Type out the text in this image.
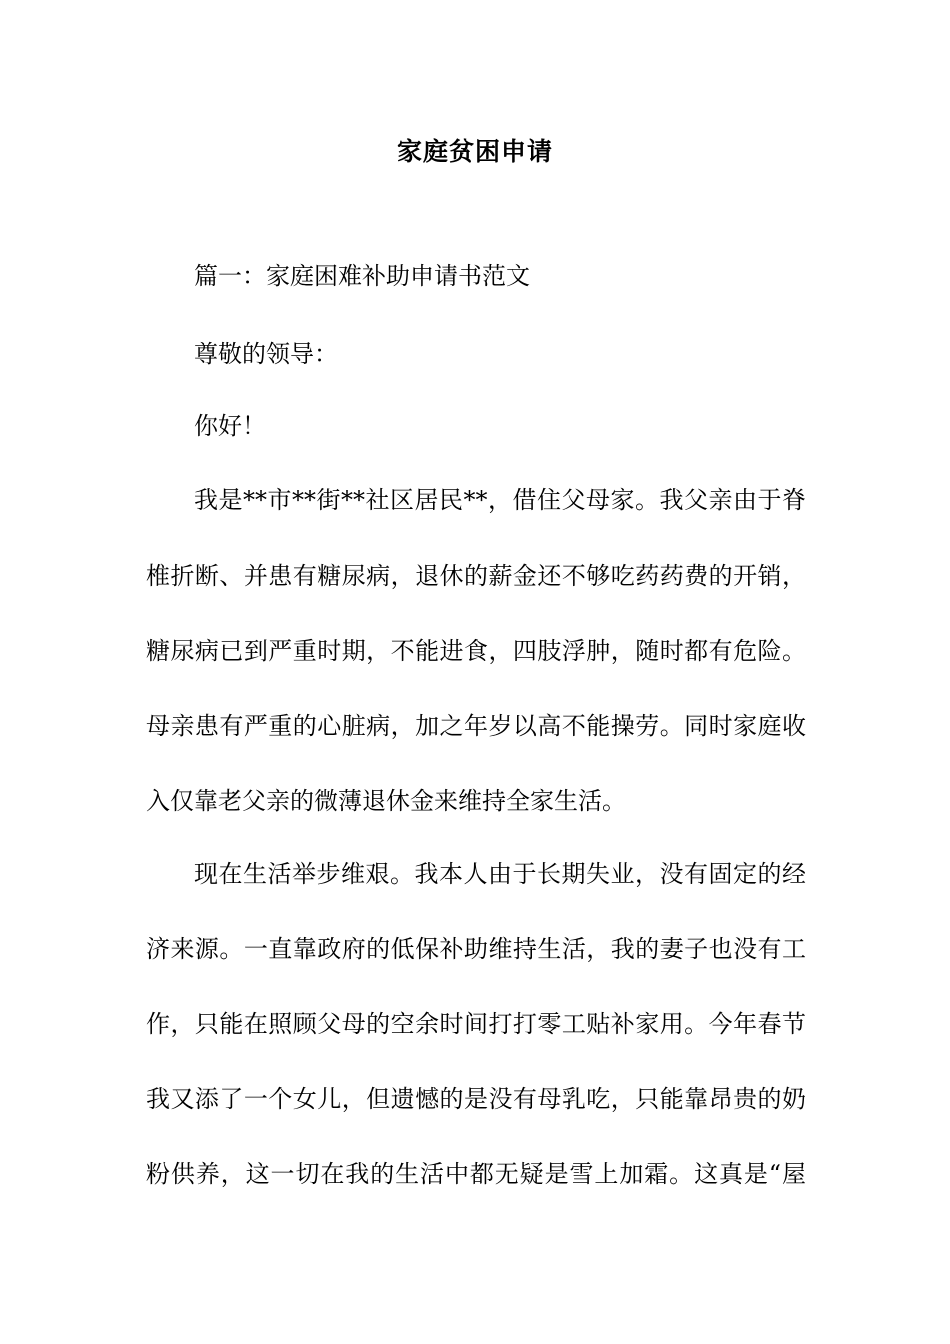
家庭贫困申请
篇一：家庭困难补助申请书范文
尊敬的领导：
你好！
我是**市**街**社区居民**，借住父母家。我父亲由于脊
椎折断、并患有糖尿病，退休的薪金还不够吃药药费的开销，
糖尿病已到严重时期，不能进食，四肢浮肿，随时都有危险。
母亲患有严重的心脏病，加之年岁以高不能操劳。同时家庭收
入仅靠老父亲的微薄退休金来维持全家生活。
现在生活举步维艰。我本人由于长期失业，没有固定的经
济来源。一直靠政府的低保补助维持生活，我的妻子也没有工
作，只能在照顾父母的空余时间打打零工贴补家用。今年春节
我又添了一个女儿，但遗憾的是没有母乳吃，只能靠昂贵的奶
粉供养，这一切在我的生活中都无疑是雪上加霜。这真是“屋
